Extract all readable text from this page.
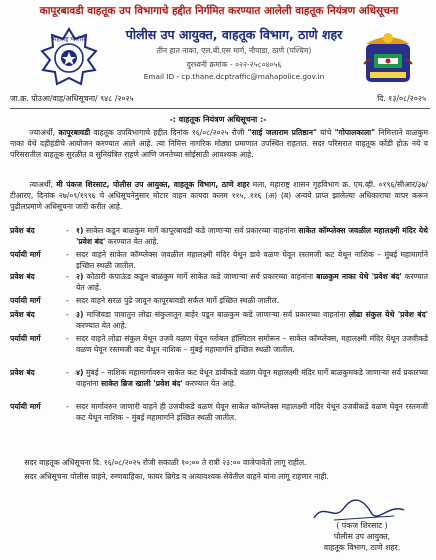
कापूरबावडी वाहतूक उप विभागाचे हद्दीत निर्गमित करण्यात आलेली वाहतूक नियंत्रण अधिसूचना
महाराष्ट्र पोलीस	पोलीस उप आयुक्त, वाहतूक विभाग, ठाणे शहर
तीन हात नाका, एल.बी.एस मार्ग, नौपाडा, ठाणे (पश्चिम)
दुरध्वनी क्रमांक - ०२२-२५८०४०५६
Email ID - cp.thane.dcptraffic@mahapolice.gov.in
जा.क्र. पोउआ/वाह/अधिसूचना/ ९४८ /२०२५	दि. १३/०८/२०२५
-: वाहतूक नियंत्रण अधिसूचना :-
ज्याअर्थी, कापूरबावडी वाहतूक उपविभागाचे हद्दीत दिनांक १६/०८/२०२५ रोजी "साई जलाराम प्रतिष्ठान" यांचे "गोपालकाला" निमित्ताने वाळकुम नाका येथे दहीहंडीचे आयोजन करण्यात आले आहे. त्या निमित्त नागरिक मोठ्या प्रमाणात उपस्थित राहतात. सदर परिसरात वाहतूक कोंडी होऊ नये व परिसरातील वाहतूक सुरळीत व सुनियंत्रित राहणे आणि जनतेच्या सोईसाठी आवश्यक आहे.
त्याअर्थी, मी पंकज शिरसाट, पोलीस उप आयुक्त, वाहतूक विभाग, ठाणे शहर मला, महाराष्ट्र शासन गृहविभाग क्र. एम.व्ही. ०१९६/सीआर/३७/टीआरए, दिनांक २७/०९/१९९६ चे अधिसूचनेनुसार मोटार वाहन कायदा कलम ११५, ११६ (अ) (ब) अन्वये प्राप्त झालेल्या अधिकाराचा वापर करून पुढीलप्रमाणे अधिसूचना जारी करीत आहे.
प्रवेश बंद	- १) साकेत कडून बाळकुम मार्गे कापूरबावडी कडे जाणाऱ्या सर्व प्रकारच्या वाहनांना साकेत कॉम्प्लेक्स जवळील महालक्ष्मी मंदिर येथे 'प्रवेश बंद' करण्यात येत आहे.
पर्यायी मार्ग	- सदर वाहने साकेत कॉम्प्लेक्स जवळील महालक्ष्मी मंदिर येथून डावे वळण घेवून रस्तमजी कट येथून नाशिक – मुंबई महामार्गाने इच्छित स्थळी जातील.
प्रवेश बंद	- २) कोठारी कंपाऊंड कडून बाळकुम मार्गे साकेत कडे जाणाऱ्या सर्व प्रकारच्या वाहनांना बाळकुम नाका येथे 'प्रवेश बंद' करण्यात येत आहे.
पर्यायी मार्ग	- सदर वाहने सरळ पुढे जावून कापूरबावडी सर्कल मार्गे इच्छित स्थळी जातील.
प्रवेश बंद	- ३) माजिवडा पावातुन लोढा संकुलातून बाहेर पडून बाळकुम कडे जाणाऱ्या सर्व प्रकारच्या वाहनांना लोढा संकुल येथे 'प्रवेश बंद' करण्यात येत आहे.
पर्यायी मार्ग	- सदर वाहने लोढा संकुल येथून उजवे वळण घेवून ग्लोबल हॉस्पिटल समोरून – साकेत कॉम्प्लेक्स, महालक्ष्मी मंदिर येथून उजवीकडे वळण घेवून रस्तमजी कट येथून नाशिक – मुंबई महामार्गाने इच्छित स्थळी जातील.
प्रवेश बंद	- ४) मुंबई – नाशिक महामार्गावरुन साकेत कट येथून डावीकडे वळण घेवून महालक्ष्मी मंदिर मार्गे बाळकुमकडे जाणाऱ्या सर्व प्रकारच्या वाहनांना साकेत ब्रिज खाली 'प्रवेश बंद' करण्यात येत आहे.
पर्यायी मार्ग	- सदर मार्गावरुन जाणारी वाहने ही उजवीकडे वळण घेवून साकेत कॉम्प्लेक्स महालक्ष्मी मंदिर येथून उजवीकडे वळण घेवून रस्तमजी कट येथून नाशिक – मुंबई महामार्गाने इच्छित स्थळी जातील.
सदर वाहतूक अधिसूचना दि. १६/०८/२०२५ रोजी सकाळी १०:०० ते रात्री २३:०० वाजेपावेतो लागू राहील.
सदर अधिसूचना पोलीस वाहने, रुग्णवाहिका, फायर ब्रिगेड व अत्यावश्यक सेवेतील वाहने यांना लागू राहणार नाही.
( पंकज शिरसाट )
पोलीस उप आयुक्त,
वाहतूक विभाग, ठाणे शहर.
